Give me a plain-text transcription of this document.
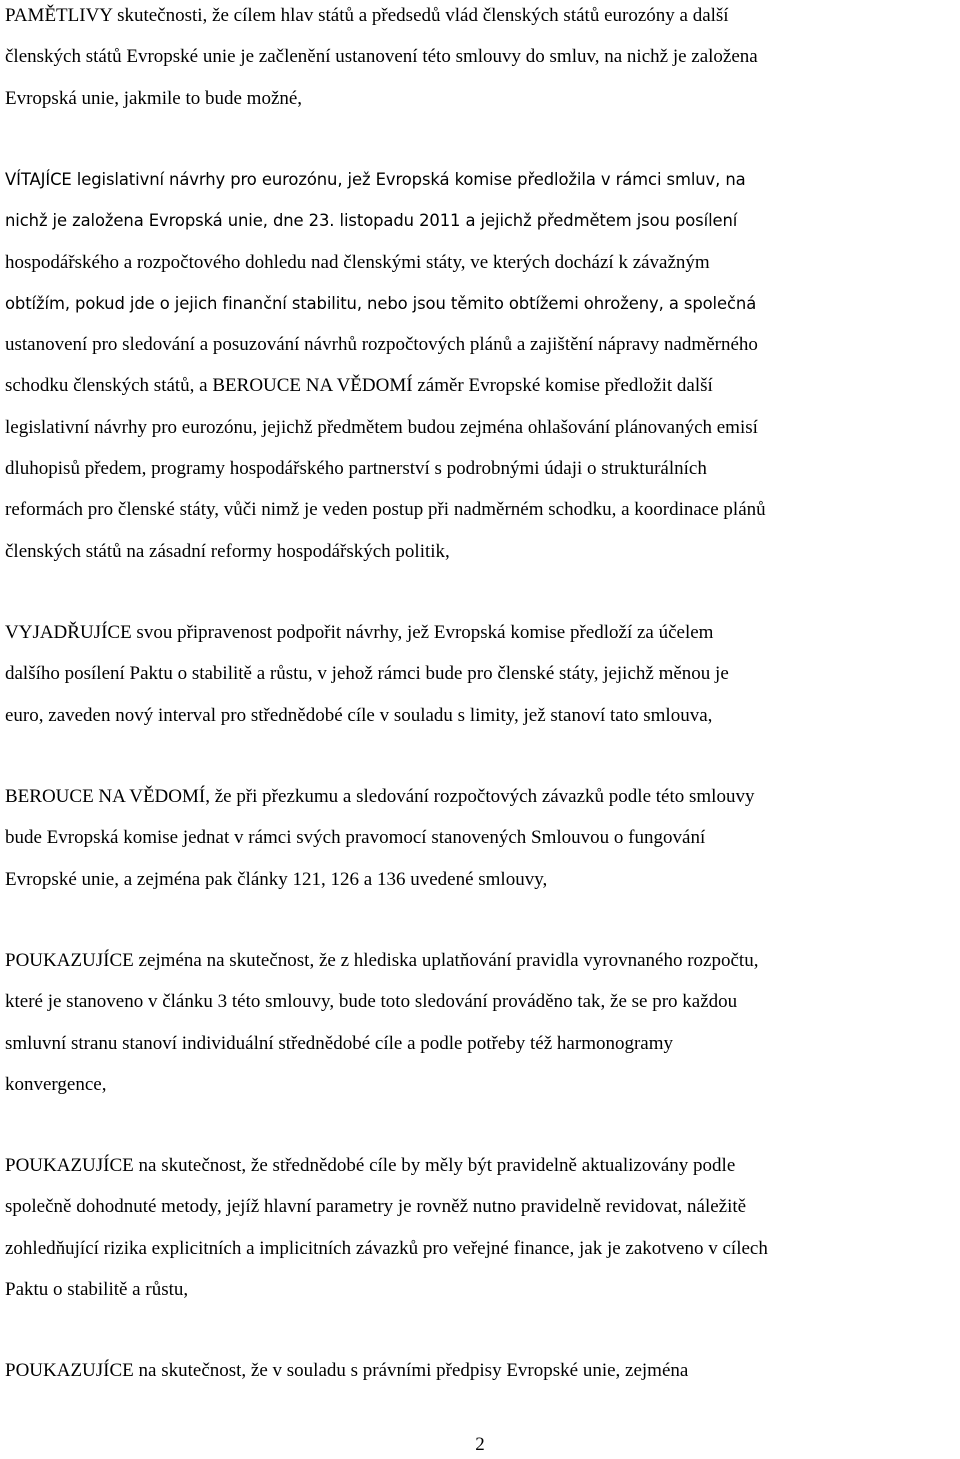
PAMĚTLIVY skutečnosti, že cílem hlav států a předsedů vlád členských států eurozóny a další
členských států Evropské unie je začlenění ustanovení této smlouvy do smluv, na nichž je založena
Evropská unie, jakmile to bude možné,

VÍTAJÍCE legislativní návrhy pro eurozónu, jež Evropská komise předložila v rámci smluv, na
nichž je založena Evropská unie, dne 23. listopadu 2011 a jejichž předmětem jsou posílení
hospodářského a rozpočtového dohledu nad členskými státy, ve kterých dochází k závažným
obtížím, pokud jde o jejich finanční stabilitu, nebo jsou těmito obtížemi ohroženy, a společná
ustanovení pro sledování a posuzování návrhů rozpočtových plánů a zajištění nápravy nadměrného
schodku členských států, a BEROUCE NA VĚDOMÍ záměr Evropské komise předložit další
legislativní návrhy pro eurozónu, jejichž předmětem budou zejména ohlašování plánovaných emisí
dluhopisů předem, programy hospodářského partnerství s podrobnými údaji o strukturálních
reformách pro členské státy, vůči nimž je veden postup při nadměrném schodku, a koordinace plánů
členských států na zásadní reformy hospodářských politik,

VYJADŘUJÍCE svou připravenost podpořit návrhy, jež Evropská komise předloží za účelem
dalšího posílení Paktu o stabilitě a růstu, v jehož rámci bude pro členské státy, jejichž měnou je
euro, zaveden nový interval pro střednědobé cíle v souladu s limity, jež stanoví tato smlouva,

BEROUCE NA VĚDOMÍ, že při přezkumu a sledování rozpočtových závazků podle této smlouvy
bude Evropská komise jednat v rámci svých pravomocí stanovených Smlouvou o fungování
Evropské unie, a zejména pak články 121, 126 a 136 uvedené smlouvy,

POUKAZUJÍCE zejména na skutečnost, že z hlediska uplatňování pravidla vyrovnaného rozpočtu,
které je stanoveno v článku 3 této smlouvy, bude toto sledování prováděno tak, že se pro každou
smluvní stranu stanoví individuální střednědobé cíle a podle potřeby též harmonogramy
konvergence,

POUKAZUJÍCE na skutečnost, že střednědobé cíle by měly být pravidelně aktualizovány podle
společně dohodnuté metody, jejíž hlavní parametry je rovněž nutno pravidelně revidovat, náležitě
zohledňující rizika explicitních a implicitních závazků pro veřejné finance, jak je zakotveno v cílech
Paktu o stabilitě a růstu,

POUKAZUJÍCE na skutečnost, že v souladu s právními předpisy Evropské unie, zejména

2
